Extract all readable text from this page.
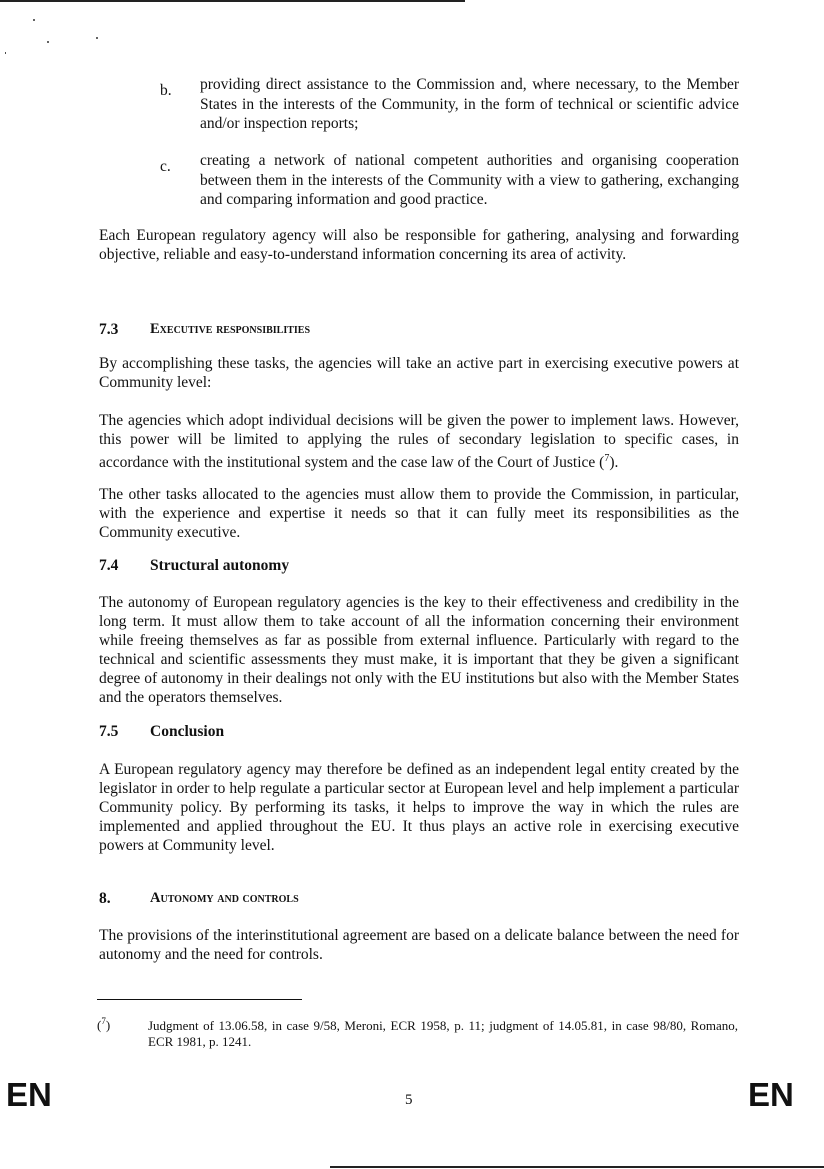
b. providing direct assistance to the Commission and, where necessary, to the Member States in the interests of the Community, in the form of technical or scientific advice and/or inspection reports;
c. creating a network of national competent authorities and organising cooperation between them in the interests of the Community with a view to gathering, exchanging and comparing information and good practice.

Each European regulatory agency will also be responsible for gathering, analysing and forwarding objective, reliable and easy-to-understand information concerning its area of activity.

7.3 Executive responsibilities

By accomplishing these tasks, the agencies will take an active part in exercising executive powers at Community level:

The agencies which adopt individual decisions will be given the power to implement laws. However, this power will be limited to applying the rules of secondary legislation to specific cases, in accordance with the institutional system and the case law of the Court of Justice ($^7$).

The other tasks allocated to the agencies must allow them to provide the Commission, in particular, with the experience and expertise it needs so that it can fully meet its responsibilities as the Community executive.

7.4 Structural autonomy

The autonomy of European regulatory agencies is the key to their effectiveness and credibility in the long term. It must allow them to take account of all the information concerning their environment while freeing themselves as far as possible from external influence. Particularly with regard to the technical and scientific assessments they must make, it is important that they be given a significant degree of autonomy in their dealings not only with the EU institutions but also with the Member States and the operators themselves.

7.5 Conclusion

A European regulatory agency may therefore be defined as an independent legal entity created by the legislator in order to help regulate a particular sector at European level and help implement a particular Community policy. By performing its tasks, it helps to improve the way in which the rules are implemented and applied throughout the EU. It thus plays an active role in exercising executive powers at Community level.

8.	Autonomy and controls

The provisions of the interinstitutional agreement are based on a delicate balance between the need for autonomy and the need for controls.

($^7$)	Judgment of 13.06.58, in case 9/58, Meroni, ECR 1958, p. 11; judgment of 14.05.81, in case 98/80, Romano, ECR 1981, p. 1241.
EN	5	EN
